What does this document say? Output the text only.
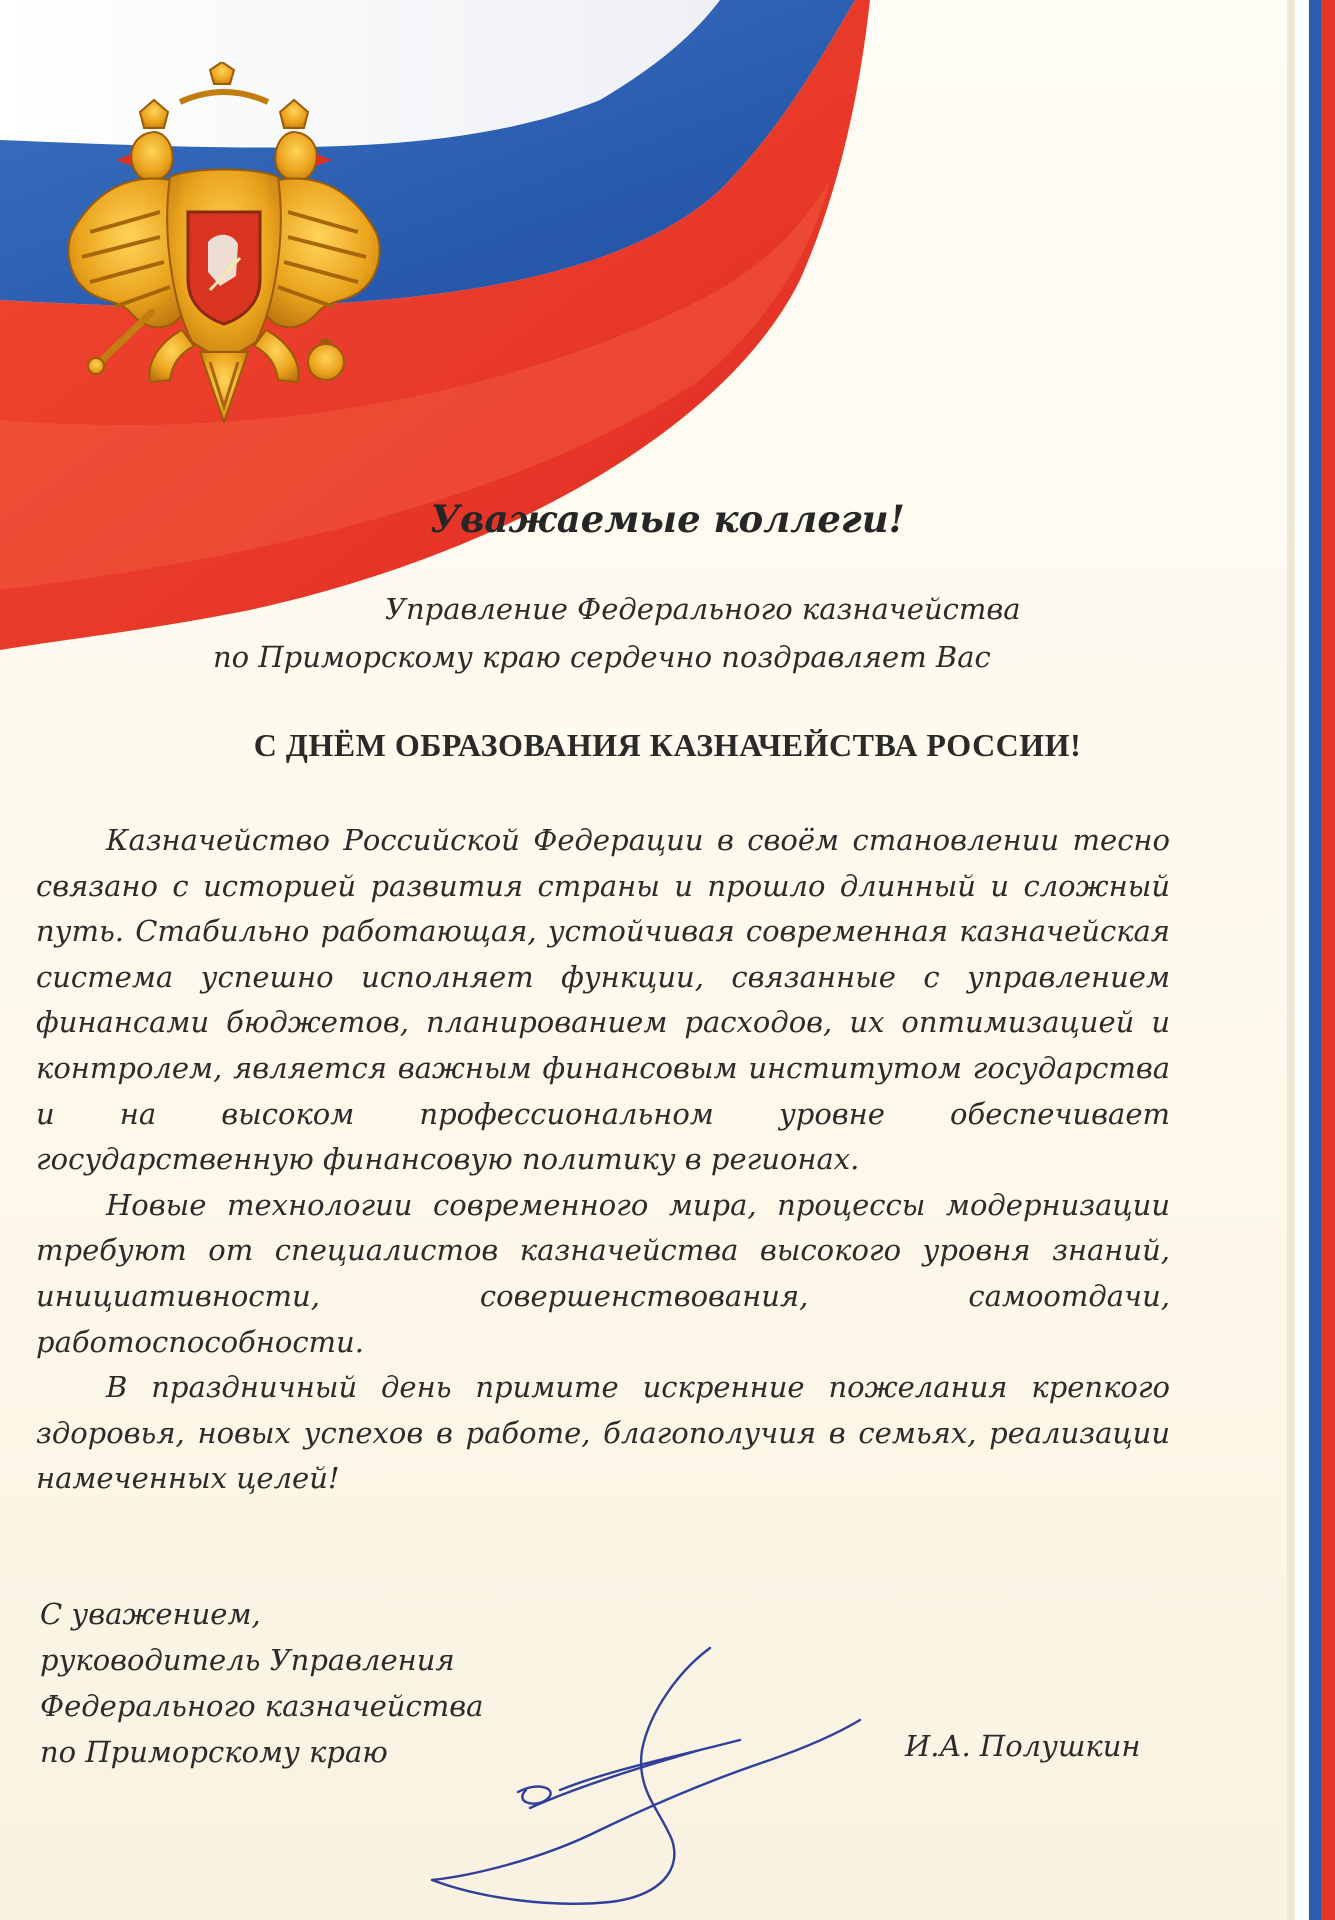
Уважаемые коллеги!
Управление Федерального казначейства
по Приморскому краю сердечно поздравляет Вас
С ДНЁМ ОБРАЗОВАНИЯ КАЗНАЧЕЙСТВА РОССИИ!

Казначейство Российской Федерации в своём становлении тесно связано с историей развития страны и прошло длинный и сложный путь. Стабильно работающая, устойчивая современная казначейская система успешно исполняет функции, связанные с управлением финансами бюджетов, планированием расходов, их оптимизацией и контролем, является важным финансовым институтом государства и на высоком профессиональном уровне обеспечивает государственную финансовую политику в регионах.

Новые технологии современного мира, процессы модернизации требуют от специалистов казначейства высокого уровня знаний, инициативности, совершенствования, самоотдачи, работоспособности.

В праздничный день примите искренние пожелания крепкого здоровья, новых успехов в работе, благополучия в семьях, реализации намеченных целей!

С уважением,
руководитель Управления
Федерального казначейства
по Приморскому краю	И.А. Полушкин
